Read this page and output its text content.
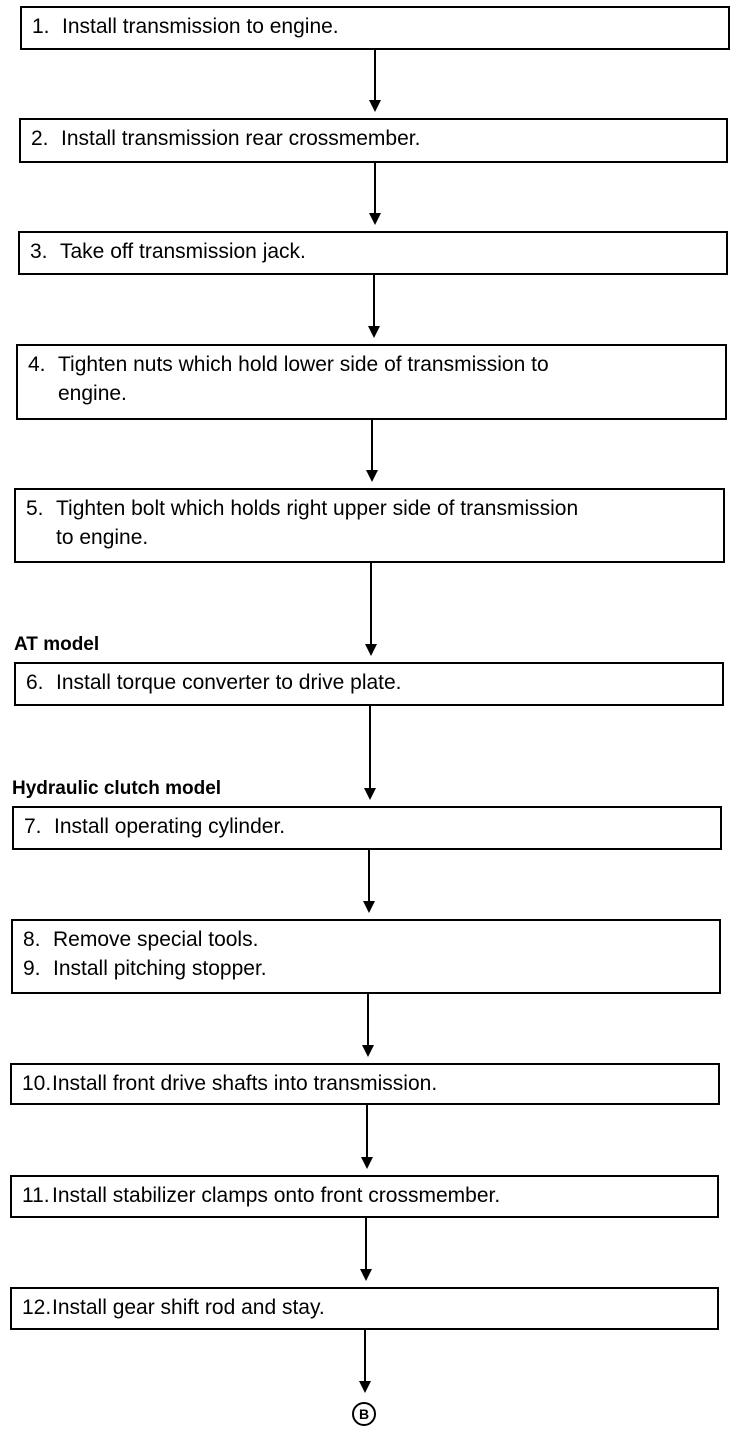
1. Install transmission to engine.
2. Install transmission rear crossmember.
3. Take off transmission jack.
4. Tighten nuts which hold lower side of transmission to
engine.
5. Tighten bolt which holds right upper side of transmission
to engine.
AT model
6. Install torque converter to drive plate.
Hydraulic clutch model
7. Install operating cylinder.
8. Remove special tools.
9. Install pitching stopper.
10. Install front drive shafts into transmission.
11. Install stabilizer clamps onto front crossmember.
12. Install gear shift rod and stay.
B
